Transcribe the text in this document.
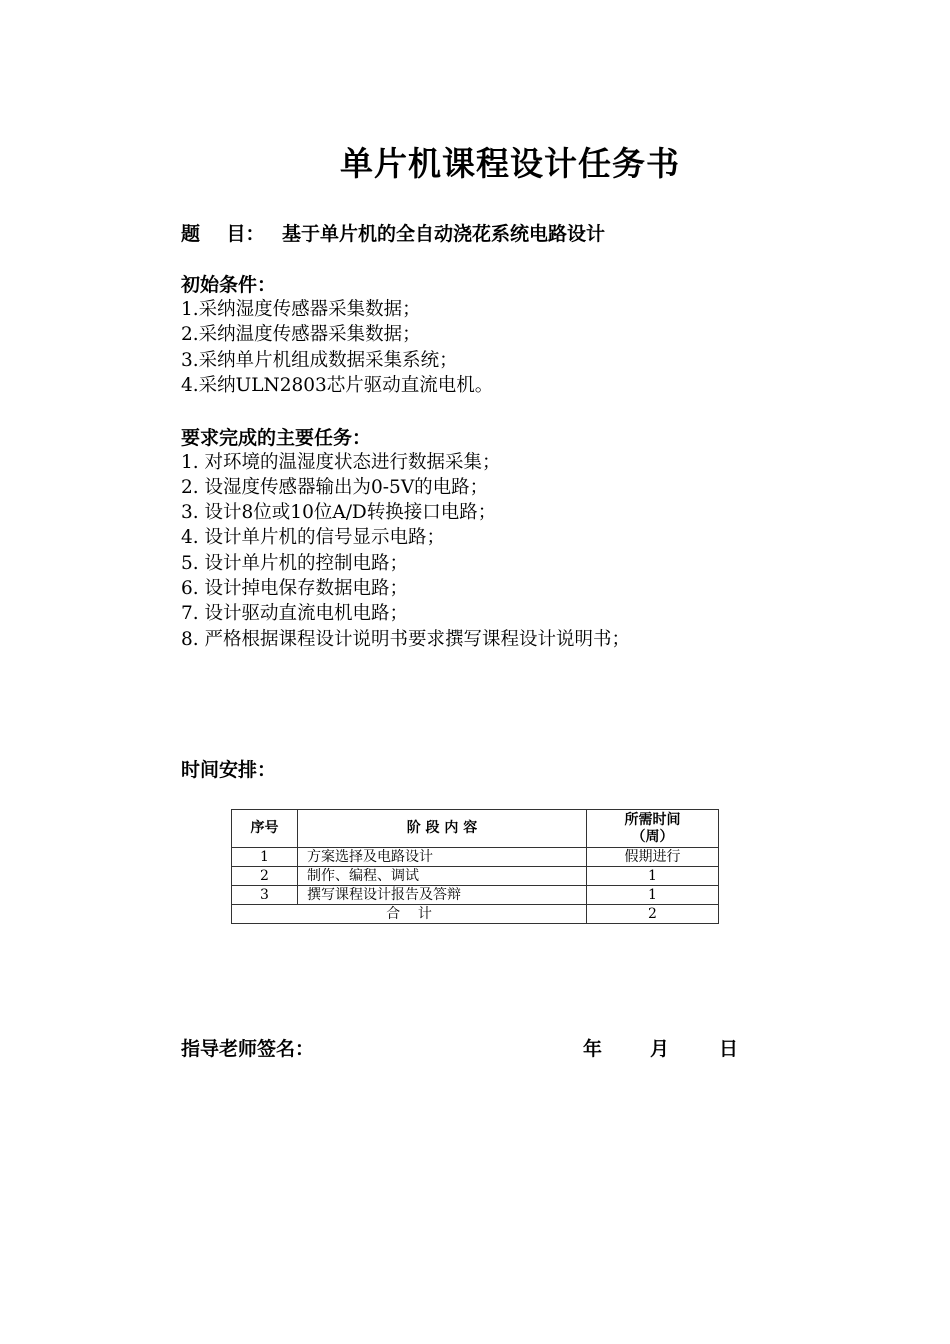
单片机课程设计任务书
题    目： 基于单片机的全自动浇花系统电路设计
初始条件：
1.采纳湿度传感器采集数据；
2.采纳温度传感器采集数据；
3.采纳单片机组成数据采集系统；
4.采纳ULN2803芯片驱动直流电机。
要求完成的主要任务：
1. 对环境的温湿度状态进行数据采集；
2. 设湿度传感器输出为0-5V的电路；
3. 设计8位或10位A/D转换接口电路；
4. 设计单片机的信号显示电路；
5. 设计单片机的控制电路；
6. 设计掉电保存数据电路；
7. 设计驱动直流电机电路；
8. 严格根据课程设计说明书要求撰写课程设计说明书；
时间安排：
序号	阶 段 内 容	所需时间
（周）

1	方案选择及电路设计	假期进行
2	制作、编程、调试	1
3	撰写课程设计报告及答辩	1
合    计		2
指导老师签名：	年	月	日
